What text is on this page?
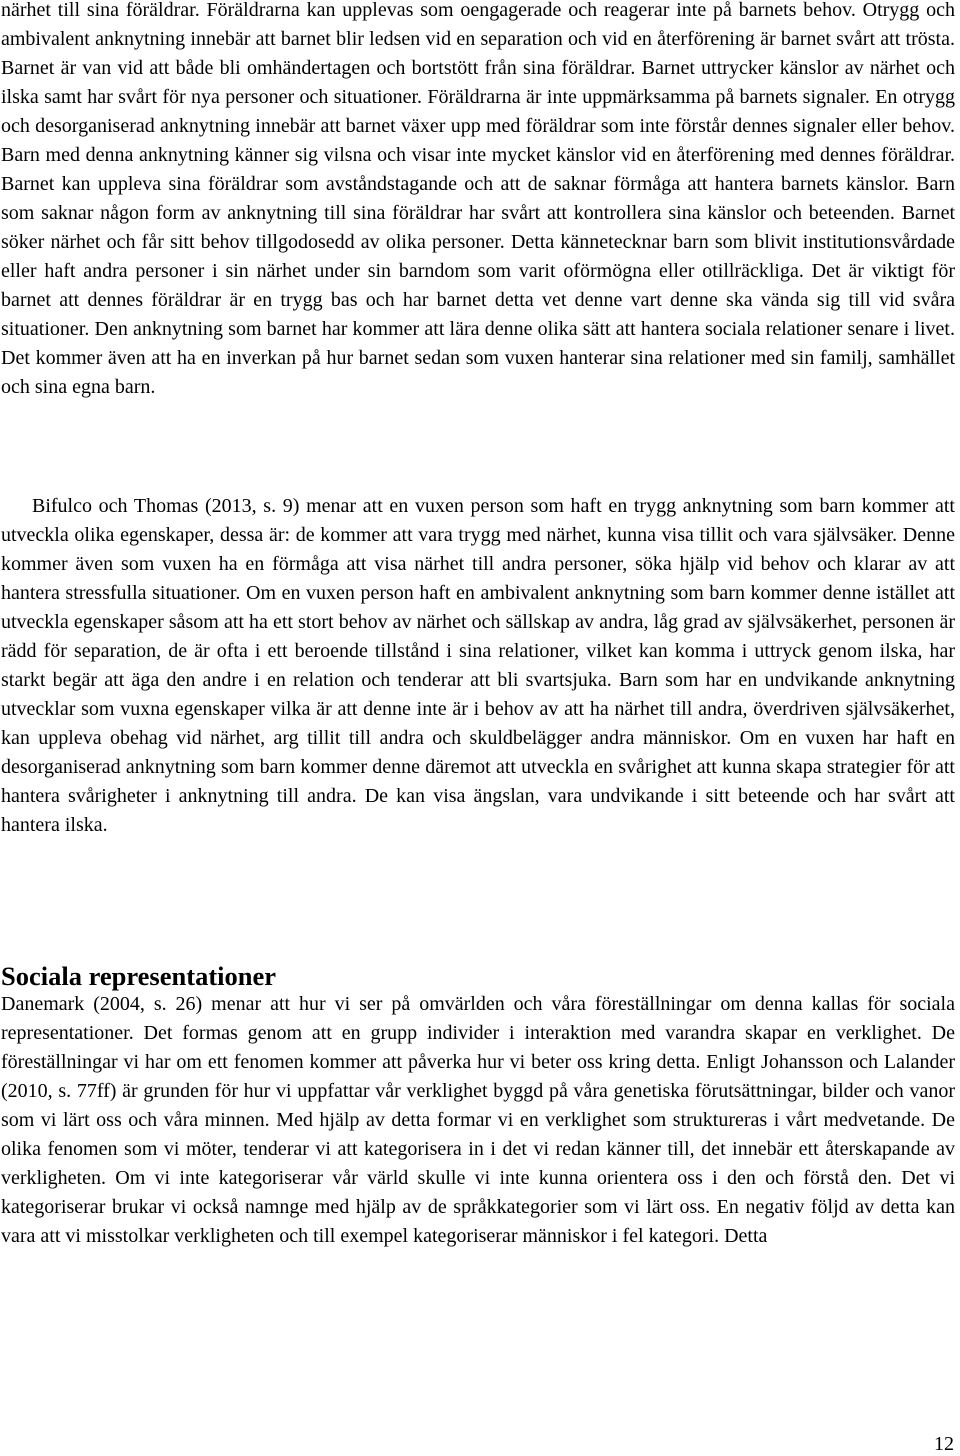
närhet till sina föräldrar. Föräldrarna kan upplevas som oengagerade och reagerar inte på barnets behov. Otrygg och ambivalent anknytning innebär att barnet blir ledsen vid en separation och vid en återförening är barnet svårt att trösta. Barnet är van vid att både bli omhändertagen och bortstött från sina föräldrar. Barnet uttrycker känslor av närhet och ilska samt har svårt för nya personer och situationer. Föräldrarna är inte uppmärksamma på barnets signaler. En otrygg och desorganiserad anknytning innebär att barnet växer upp med föräldrar som inte förstår dennes signaler eller behov. Barn med denna anknytning känner sig vilsna och visar inte mycket känslor vid en återförening med dennes föräldrar. Barnet kan uppleva sina föräldrar som avståndstagande och att de saknar förmåga att hantera barnets känslor. Barn som saknar någon form av anknytning till sina föräldrar har svårt att kontrollera sina känslor och beteenden. Barnet söker närhet och får sitt behov tillgodosedd av olika personer. Detta kännetecknar barn som blivit institutionsvårdade eller haft andra personer i sin närhet under sin barndom som varit oförmögna eller otillräckliga. Det är viktigt för barnet att dennes föräldrar är en trygg bas och har barnet detta vet denne vart denne ska vända sig till vid svåra situationer. Den anknytning som barnet har kommer att lära denne olika sätt att hantera sociala relationer senare i livet. Det kommer även att ha en inverkan på hur barnet sedan som vuxen hanterar sina relationer med sin familj, samhället och sina egna barn.

Bifulco och Thomas (2013, s. 9) menar att en vuxen person som haft en trygg anknytning som barn kommer att utveckla olika egenskaper, dessa är: de kommer att vara trygg med närhet, kunna visa tillit och vara självsäker. Denne kommer även som vuxen ha en förmåga att visa närhet till andra personer, söka hjälp vid behov och klarar av att hantera stressfulla situationer. Om en vuxen person haft en ambivalent anknytning som barn kommer denne istället att utveckla egenskaper såsom att ha ett stort behov av närhet och sällskap av andra, låg grad av självsäkerhet, personen är rädd för separation, de är ofta i ett beroende tillstånd i sina relationer, vilket kan komma i uttryck genom ilska, har starkt begär att äga den andre i en relation och tenderar att bli svartsjuka. Barn som har en undvikande anknytning utvecklar som vuxna egenskaper vilka är att denne inte är i behov av att ha närhet till andra, överdriven självsäkerhet, kan uppleva obehag vid närhet, arg tillit till andra och skuldbelägger andra människor. Om en vuxen har haft en desorganiserad anknytning som barn kommer denne däremot att utveckla en svårighet att kunna skapa strategier för att hantera svårigheter i anknytning till andra. De kan visa ängslan, vara undvikande i sitt beteende och har svårt att hantera ilska.

Sociala representationer

Danemark (2004, s. 26) menar att hur vi ser på omvärlden och våra föreställningar om denna kallas för sociala representationer. Det formas genom att en grupp individer i interaktion med varandra skapar en verklighet. De föreställningar vi har om ett fenomen kommer att påverka hur vi beter oss kring detta. Enligt Johansson och Lalander (2010, s. 77ff) är grunden för hur vi uppfattar vår verklighet byggd på våra genetiska förutsättningar, bilder och vanor som vi lärt oss och våra minnen. Med hjälp av detta formar vi en verklighet som struktureras i vårt medvetande. De olika fenomen som vi möter, tenderar vi att kategorisera in i det vi redan känner till, det innebär ett återskapande av verkligheten. Om vi inte kategoriserar vår värld skulle vi inte kunna orientera oss i den och förstå den. Det vi kategoriserar brukar vi också namnge med hjälp av de språkkategorier som vi lärt oss. En negativ följd av detta kan vara att vi misstolkar verkligheten och till exempel kategoriserar människor i fel kategori. Detta

12
